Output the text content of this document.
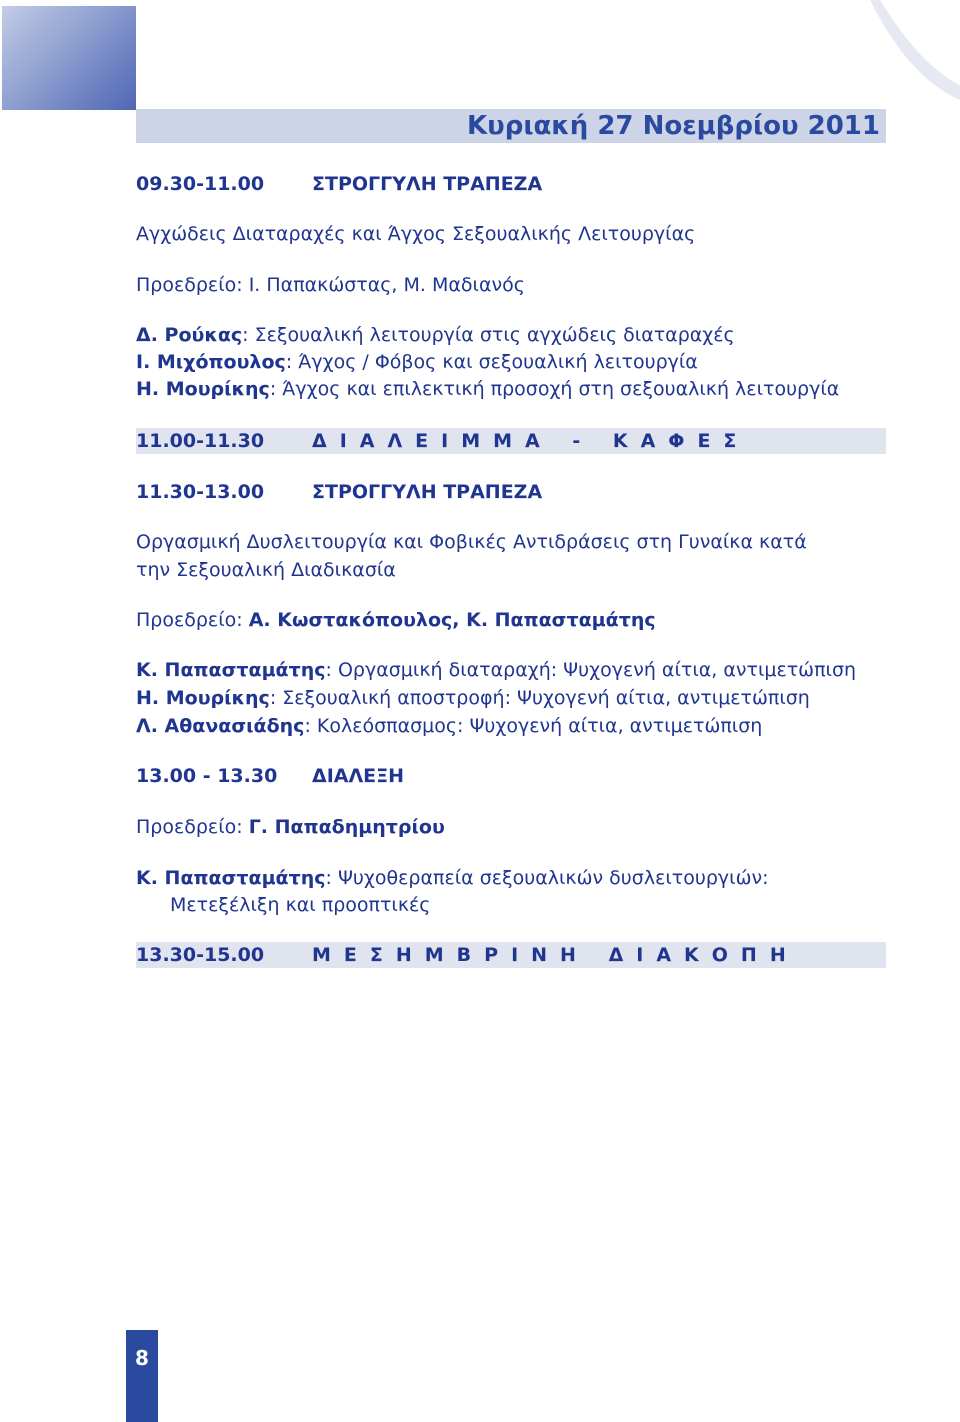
Κυριακή 27 Νοεμβρίου 2011
09.30-11.00	ΣΤΡΟΓΓΥΛΗ ΤΡΑΠΕΖΑ
Αγχώδεις Διαταραχές και Άγχος Σεξουαλικής Λειτουργίας
Προεδρείο: Ι. Παπακώστας, Μ. Μαδιανός
Δ. Ρούκας: Σεξουαλική λειτουργία στις αγχώδεις διαταραχές
Ι. Μιχόπουλος: Άγχος / Φόβος και σεξουαλική λειτουργία
Η. Μουρίκης: Άγχος και επιλεκτική προσοχή στη σεξουαλική λειτουργία
11.00-11.30	ΔΙΑΛΕΙΜΜΑ - ΚΑΦΕΣ
11.30-13.00	ΣΤΡΟΓΓΥΛΗ ΤΡΑΠΕΖΑ
Οργασμική Δυσλειτουργία και Φοβικές Αντιδράσεις στη Γυναίκα κατά
την Σεξουαλική Διαδικασία
Προεδρείο: Α. Κωστακόπουλος, Κ. Παπασταμάτης
Κ. Παπασταμάτης: Οργασμική διαταραχή: Ψυχογενή αίτια, αντιμετώπιση
Η. Μουρίκης: Σεξουαλική αποστροφή: Ψυχογενή αίτια, αντιμετώπιση
Λ. Αθανασιάδης: Κολεόσπασμος: Ψυχογενή αίτια, αντιμετώπιση
13.00 - 13.30 ΔΙΑΛΕΞΗ
Προεδρείο: Γ. Παπαδημητρίου
Κ. Παπασταμάτης: Ψυχοθεραπεία σεξουαλικών δυσλειτουργιών:
Μετεξέλιξη και προοπτικές
13.30-15.00	ΜΕΣΗΜΒΡΙΝΗ ΔΙΑΚΟΠΗ
8
